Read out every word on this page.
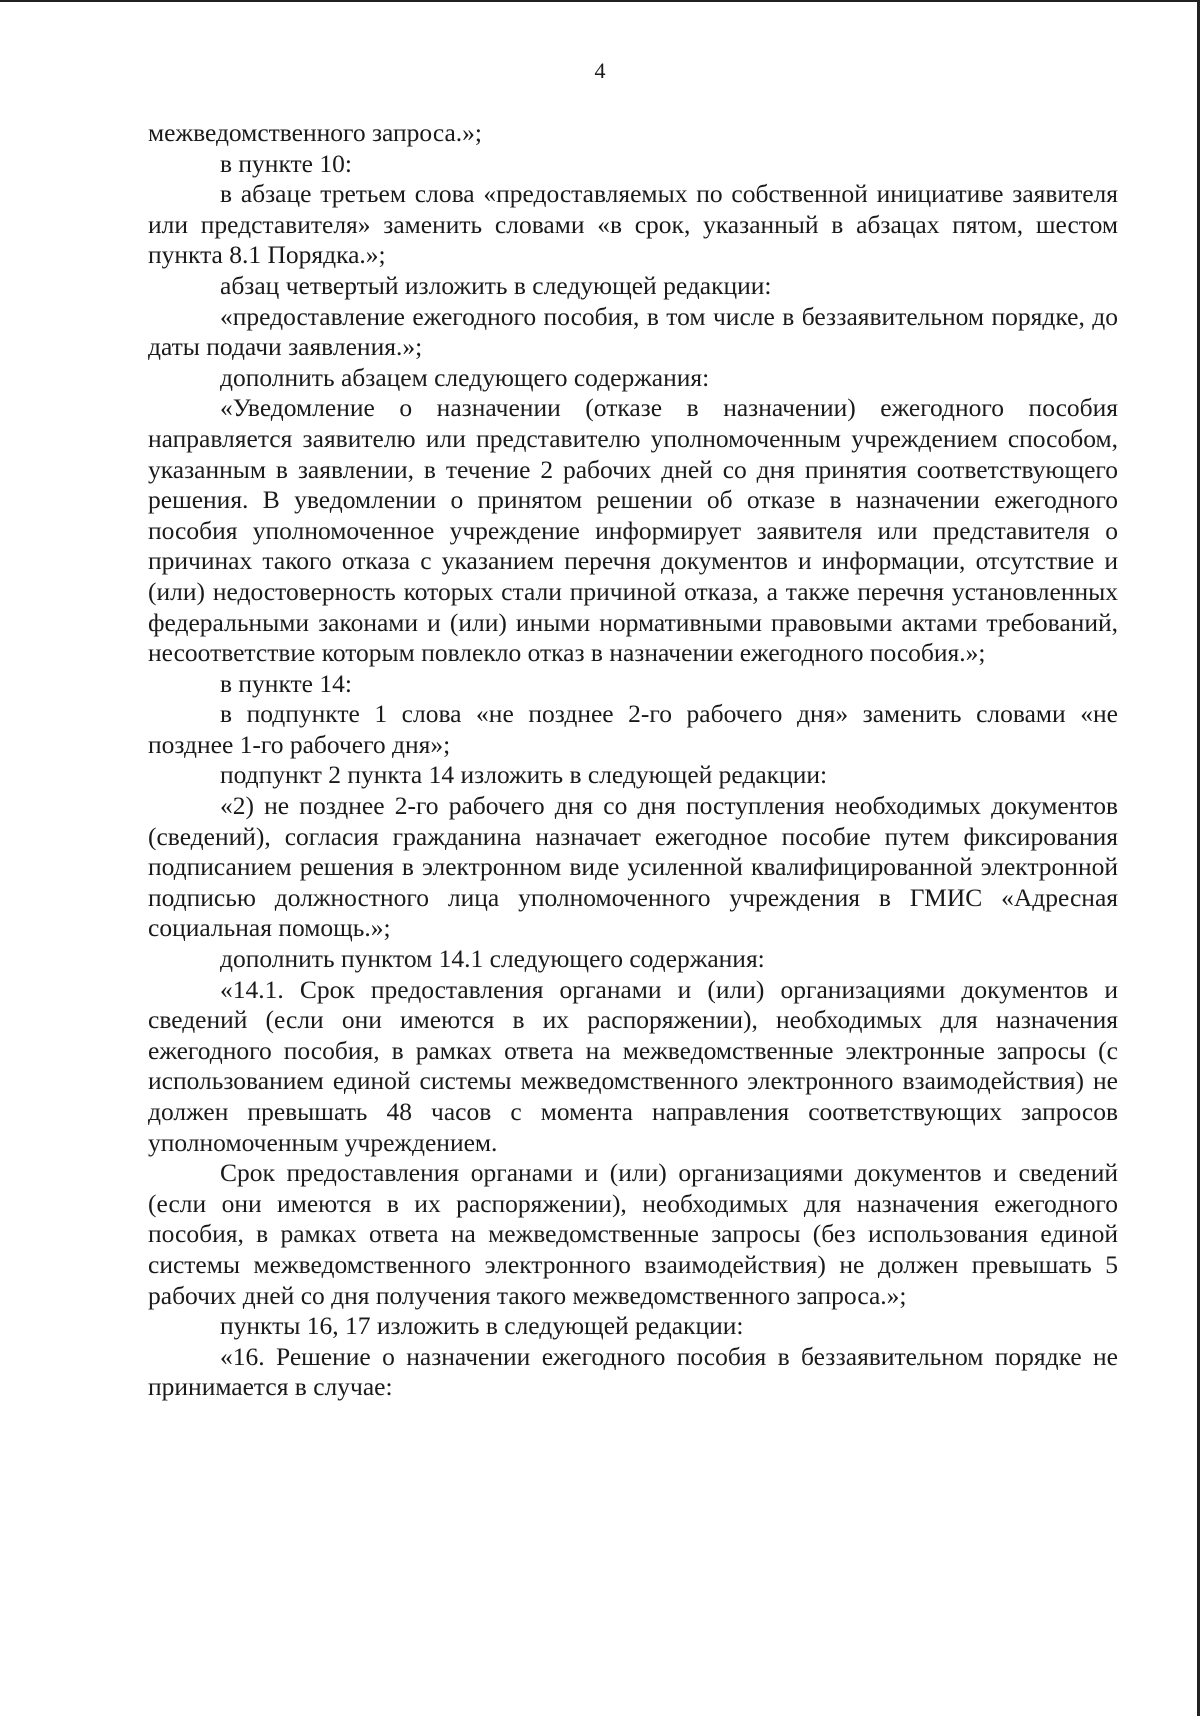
4

межведомственного запроса.»;

в пункте 10:

в абзаце третьем слова «предоставляемых по собственной инициативе заявителя или представителя» заменить словами «в срок, указанный в абзацах пятом, шестом пункта 8.1 Порядка.»;

абзац четвертый изложить в следующей редакции:

«предоставление ежегодного пособия, в том числе в беззаявительном порядке, до даты подачи заявления.»;

дополнить абзацем следующего содержания:

«Уведомление о назначении (отказе в назначении) ежегодного пособия направляется заявителю или представителю уполномоченным учреждением способом, указанным в заявлении, в течение 2 рабочих дней со дня принятия соответствующего решения. В уведомлении о принятом решении об отказе в назначении ежегодного пособия уполномоченное учреждение информирует заявителя или представителя о причинах такого отказа с указанием перечня документов и информации, отсутствие и (или) недостоверность которых стали причиной отказа, а также перечня установленных федеральными законами и (или) иными нормативными правовыми актами требований, несоответствие которым повлекло отказ в назначении ежегодного пособия.»;

в пункте 14:

в подпункте 1 слова «не позднее 2-го рабочего дня» заменить словами «не позднее 1-го рабочего дня»;

подпункт 2 пункта 14 изложить в следующей редакции:

«2) не позднее 2-го рабочего дня со дня поступления необходимых документов (сведений), согласия гражданина назначает ежегодное пособие путем фиксирования подписанием решения в электронном виде усиленной квалифицированной электронной подписью должностного лица уполномоченного учреждения в ГМИС «Адресная социальная помощь.»;

дополнить пунктом 14.1 следующего содержания:

«14.1. Срок предоставления органами и (или) организациями документов и сведений (если они имеются в их распоряжении), необходимых для назначения ежегодного пособия, в рамках ответа на межведомственные электронные запросы (с использованием единой системы межведомственного электронного взаимодействия) не должен превышать 48 часов с момента направления соответствующих запросов уполномоченным учреждением.

Срок предоставления органами и (или) организациями документов и сведений (если они имеются в их распоряжении), необходимых для назначения ежегодного пособия, в рамках ответа на межведомственные запросы (без использования единой системы межведомственного электронного взаимодействия) не должен превышать 5 рабочих дней со дня получения такого межведомственного запроса.»;

пункты 16, 17 изложить в следующей редакции:

«16. Решение о назначении ежегодного пособия в беззаявительном порядке не принимается в случае:
